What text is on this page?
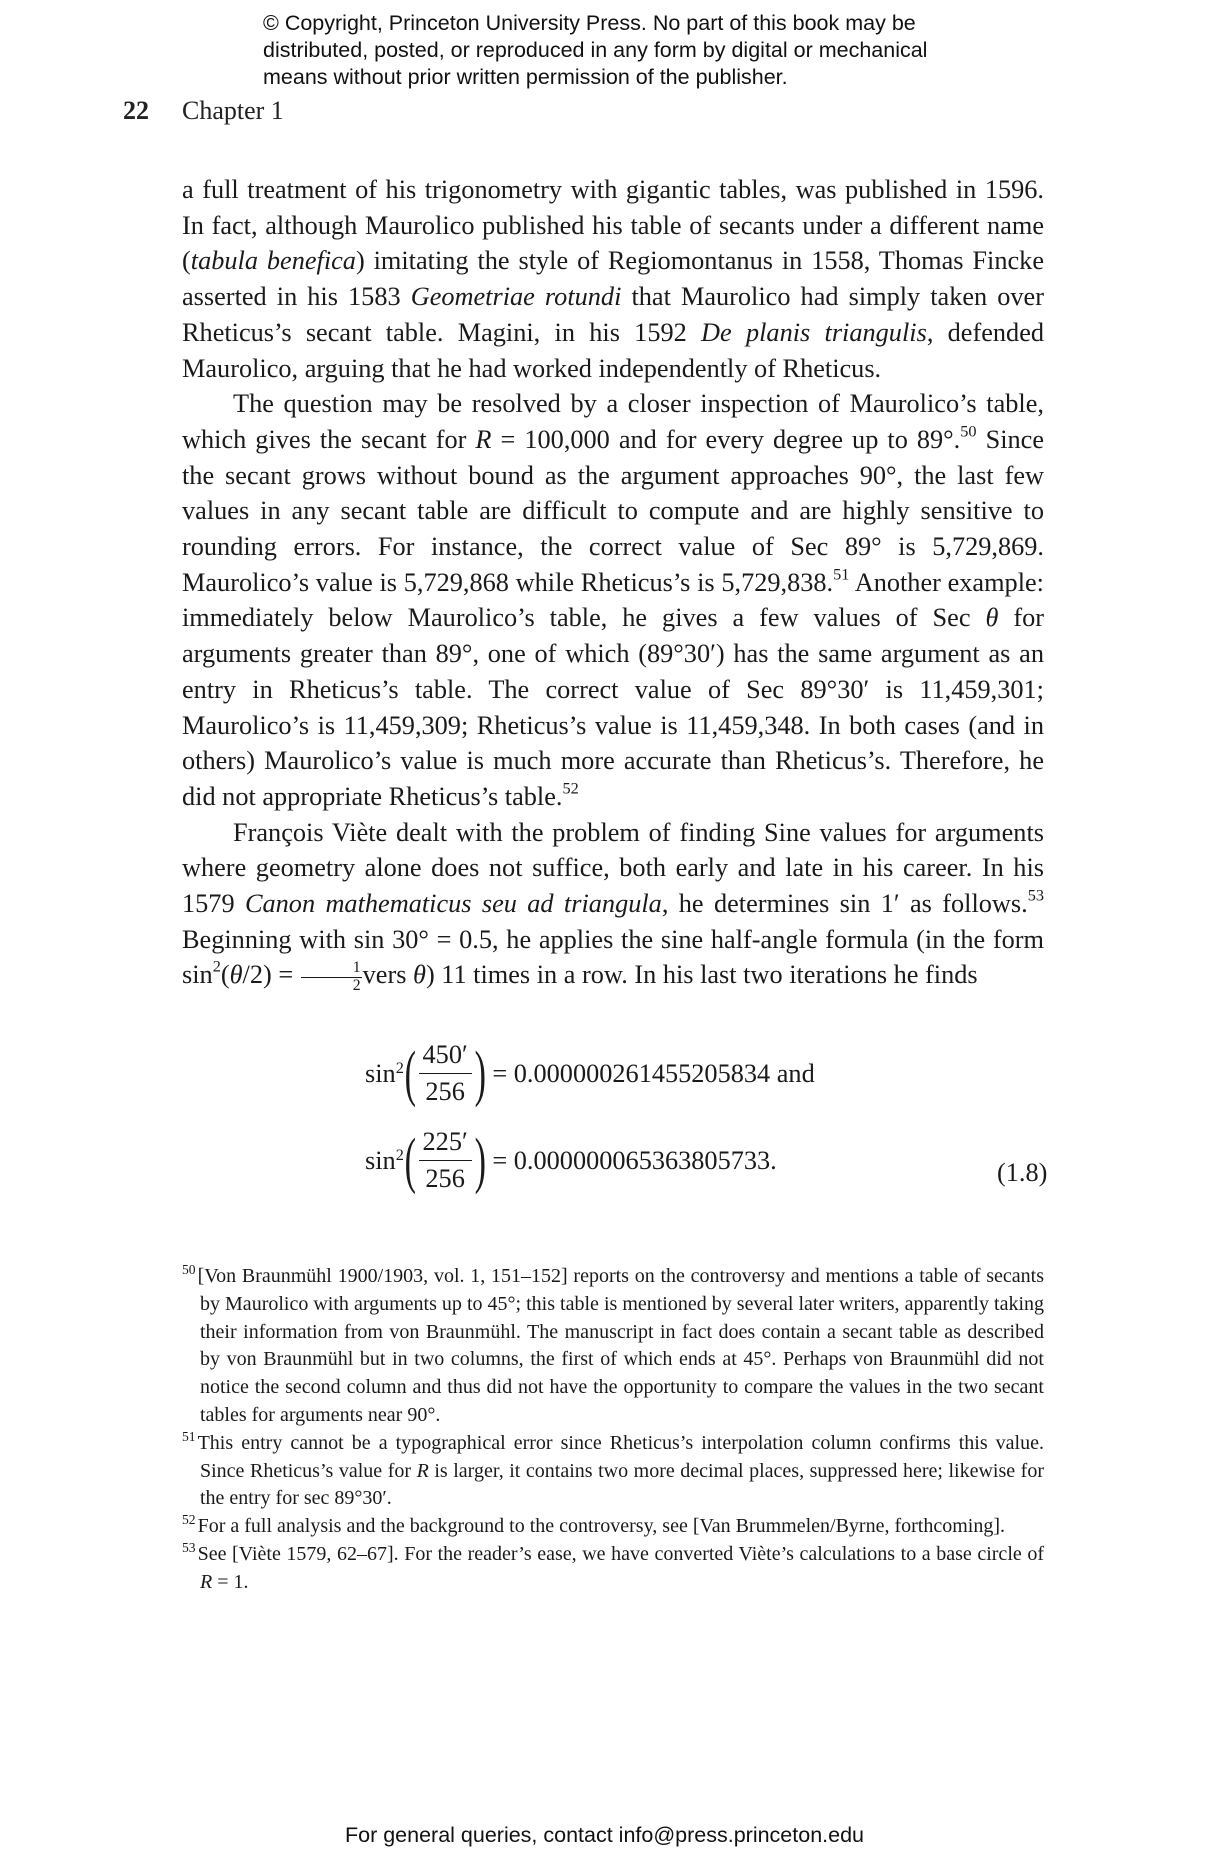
© Copyright, Princeton University Press. No part of this book may be
distributed, posted, or reproduced in any form by digital or mechanical
means without prior written permission of the publisher.
22 Chapter 1

a full treatment of his trigonometry with gigantic tables, was published in 1596. In fact, although Maurolico published his table of secants under a different name (tabula benefica) imitating the style of Regiomontanus in 1558, Thomas Fincke asserted in his 1583 Geometriae rotundi that Maurolico had simply taken over Rheticus’s secant table. Magini, in his 1592 De planis triangulis, defended Maurolico, arguing that he had worked independently of Rheticus.

The question may be resolved by a closer inspection of Maurolico’s table, which gives the secant for R = 100,000 and for every degree up to 89°.$^{50}$ Since the secant grows without bound as the argument approaches 90°, the last few values in any secant table are difficult to compute and are highly sensitive to rounding errors. For instance, the correct value of Sec 89° is 5,729,869. Maurolico’s value is 5,729,868 while Rheticus’s is 5,729,838.51 Another example: immediately below Maurolico’s table, he gives a few values of Sec θ for arguments greater than 89°, one of which (89°30′) has the same argument as an entry in Rheticus’s table. The correct value of Sec 89°30′ is 11,459,301; Maurolico’s is 11,459,309; Rheticus’s value is 11,459,348. In both cases (and in others) Maurolico’s value is much more accurate than Rheticus’s. Therefore, he did not appropriate Rheticus’s table.$^{52}$

François Viète dealt with the problem of finding Sine values for arguments where geometry alone does not suffice, both early and late in his career. In his 1579 Canon mathematicus seu ad triangula, he determines sin 1′ as follows.$^{53}$ Beginning with sin 30° = 0.5, he applies the sine half-angle formula (in the form $\sin^2(\theta/2) = \frac{1}{2}$ vers θ) 11 times in a row. In his last two iterations he finds

$\sin^2$ ( $\frac{450'}{256}$ ) = 0.000000261455205834 and
$\sin^2$ ( $\frac{225'}{256}$ ) = 0.000000065363805733.	(1.8)

$^{50}$ [Von Braunmühl 1900/1903, vol. 1, 151–152] reports on the controversy and mentions a table of secants by Maurolico with arguments up to 45°; this table is mentioned by several later writers, apparently taking their information from von Braunmühl. The manuscript in fact does contain a secant table as described by von Braunmühl but in two columns, the first of which ends at 45°. Perhaps von Braunmühl did not notice the second column and thus did not have the opportunity to compare the values in the two secant tables for arguments near 90°.

$^{51}$ This entry cannot be a typographical error since Rheticus’s interpolation column confirms this value. Since Rheticus’s value for R is larger, it contains two more decimal places, suppressed here; likewise for the entry for sec 89°30′.

$^{52}$ For a full analysis and the background to the controversy, see [Van Brummelen/Byrne, forthcoming].

$^{53}$ See [Viète 1579, 62–67]. For the reader’s ease, we have converted Viète’s calculations to a base circle of R = 1.

For general queries, contact info@press.princeton.edu
